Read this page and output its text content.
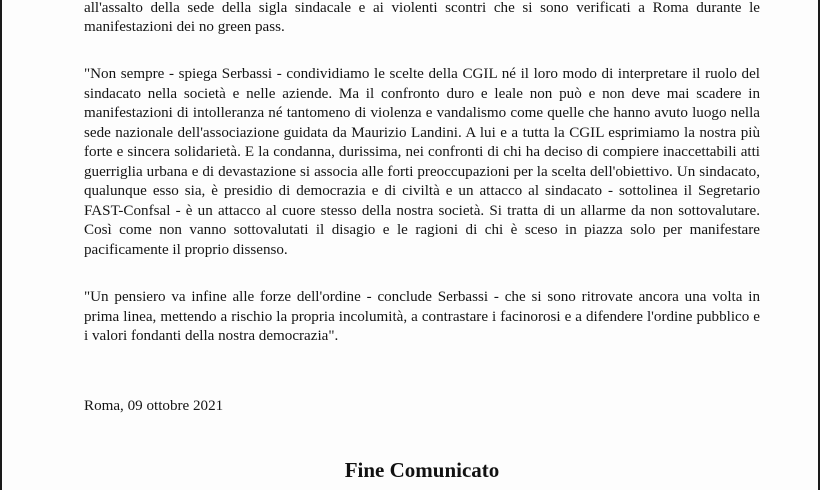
all'assalto della sede della sigla sindacale e ai violenti scontri che si sono verificati a Roma durante le manifestazioni dei no green pass.

"Non sempre - spiega Serbassi - condividiamo le scelte della CGIL né il loro modo di interpretare il ruolo del sindacato nella società e nelle aziende. Ma il confronto duro e leale non può e non deve mai scadere in manifestazioni di intolleranza né tantomeno di violenza e vandalismo come quelle che hanno avuto luogo nella sede nazionale dell'associazione guidata da Maurizio Landini. A lui e a tutta la CGIL esprimiamo la nostra più forte e sincera solidarietà. E la condanna, durissima, nei confronti di chi ha deciso di compiere inaccettabili atti guerriglia urbana e di devastazione si associa alle forti preoccupazioni per la scelta dell'obiettivo. Un sindacato, qualunque esso sia, è presidio di democrazia e di civiltà e un attacco al sindacato - sottolinea il Segretario FAST-Confsal - è un attacco al cuore stesso della nostra società. Si tratta di un allarme da non sottovalutare. Così come non vanno sottovalutati il disagio e le ragioni di chi è sceso in piazza solo per manifestare pacificamente il proprio dissenso.

"Un pensiero va infine alle forze dell'ordine - conclude Serbassi - che si sono ritrovate ancora una volta in prima linea, mettendo a rischio la propria incolumità, a contrastare i facinorosi e a difendere l'ordine pubblico e i valori fondanti della nostra democrazia".

Roma, 09 ottobre 2021

Fine Comunicato
